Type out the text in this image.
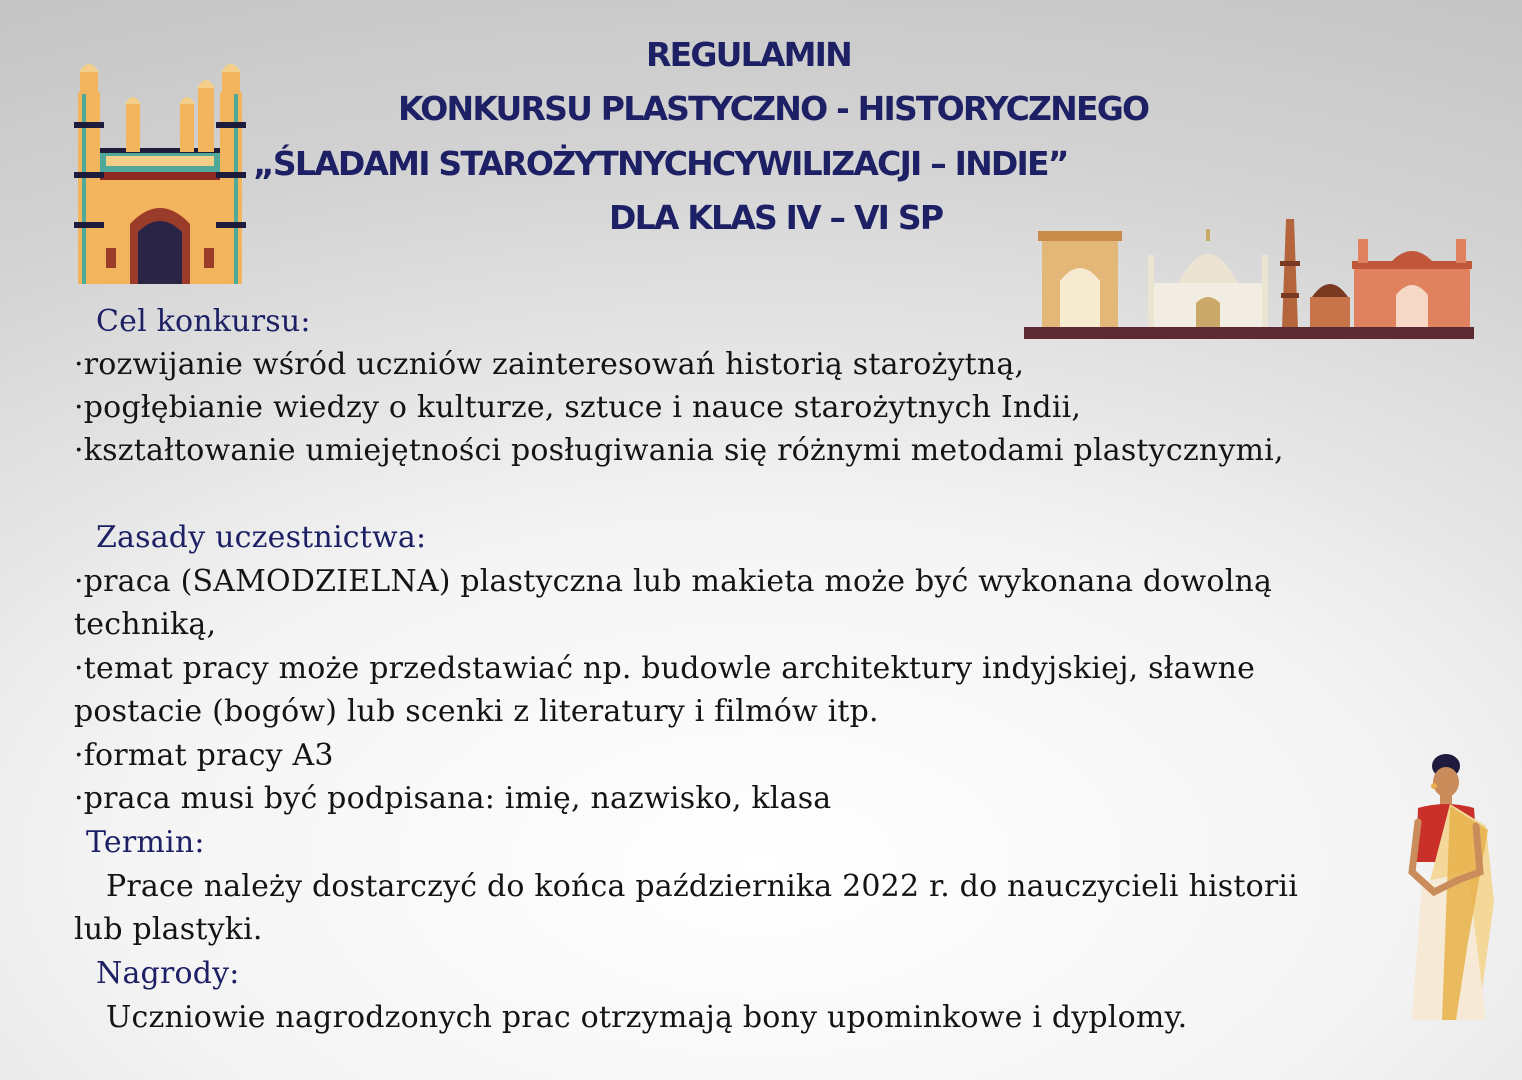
REGULAMIN
KONKURSU PLASTYCZNO - HISTORYCZNEGO
„ŚLADAMI STAROŻYTNYCHCYWILIZACJI – INDIE”
DLA KLAS IV – VI SP

Cel konkursu:

·rozwijanie wśród uczniów zainteresowań historią starożytną,

·pogłębianie wiedzy o kulturze, sztuce i nauce starożytnych Indii,

·kształtowanie umiejętności posługiwania się różnymi metodami plastycznymi,

Zasady uczestnictwa:

·praca (SAMODZIELNA) plastyczna lub makieta może być wykonana dowolną

techniką,

·temat pracy może przedstawiać np. budowle architektury indyjskiej, sławne

postacie (bogów) lub scenki z literatury i filmów itp.

·format pracy A3

·praca musi być podpisana: imię, nazwisko, klasa

Termin:

Prace należy dostarczyć do końca października 2022 r. do nauczycieli historii

lub plastyki.

Nagrody:

Uczniowie nagrodzonych prac otrzymają bony upominkowe i dyplomy.
